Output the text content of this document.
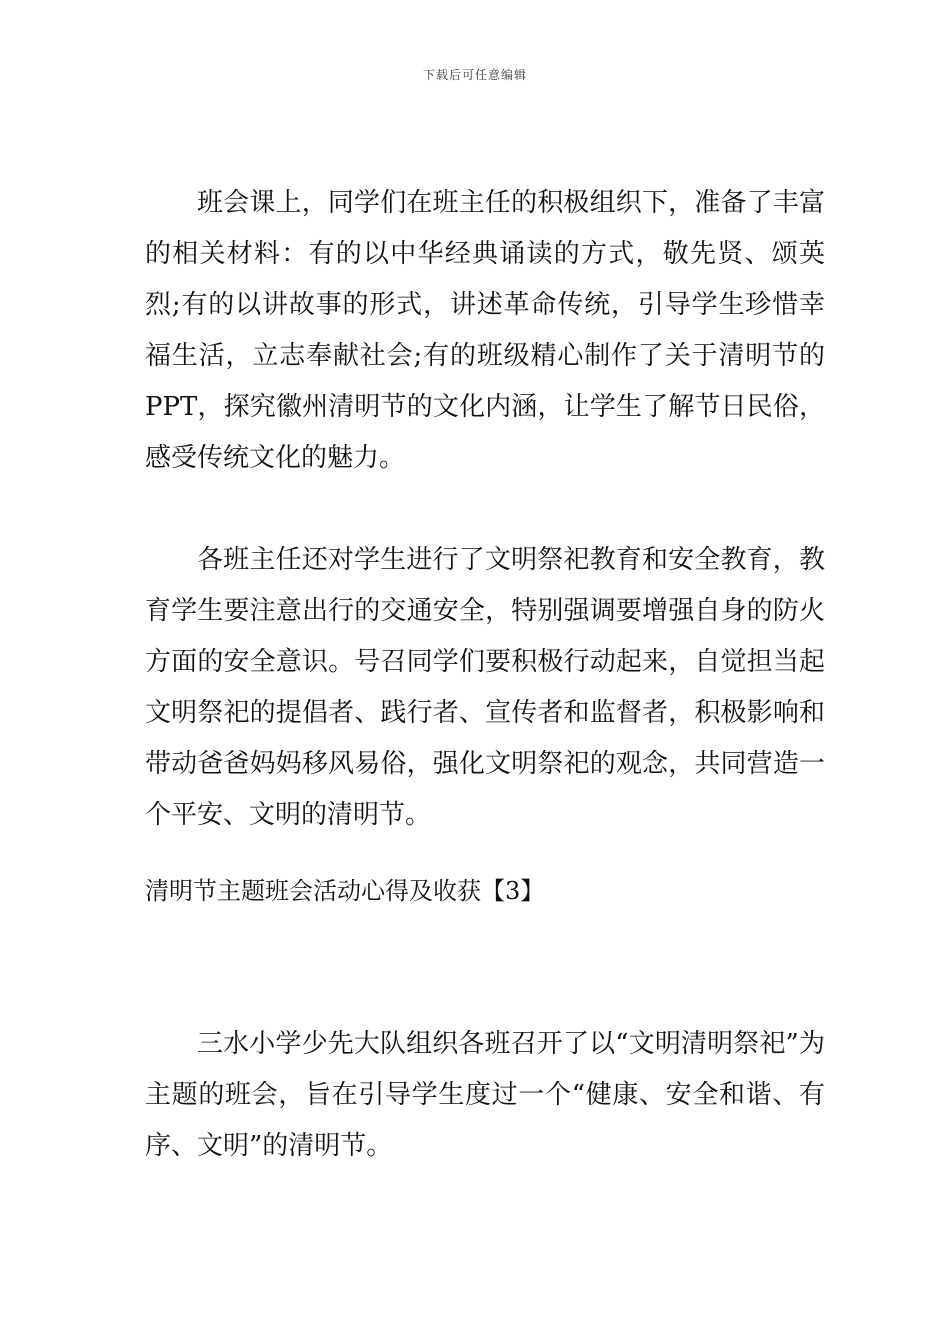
下载后可任意编辑

班会课上，同学们在班主任的积极组织下，准备了丰富的相关材料：有的以中华经典诵读的方式，敬先贤、颂英烈;有的以讲故事的形式，讲述革命传统，引导学生珍惜幸福生活，立志奉献社会;有的班级精心制作了关于清明节的PPT，探究徽州清明节的文化内涵，让学生了解节日民俗，感受传统文化的魅力。

各班主任还对学生进行了文明祭祀教育和安全教育，教育学生要注意出行的交通安全，特别强调要增强自身的防火方面的安全意识。号召同学们要积极行动起来，自觉担当起文明祭祀的提倡者、践行者、宣传者和监督者，积极影响和带动爸爸妈妈移风易俗，强化文明祭祀的观念，共同营造一个平安、文明的清明节。

清明节主题班会活动心得及收获【3】

三水小学少先大队组织各班召开了以“文明清明祭祀”为主题的班会，旨在引导学生度过一个“健康、安全和谐、有序、文明”的清明节。
